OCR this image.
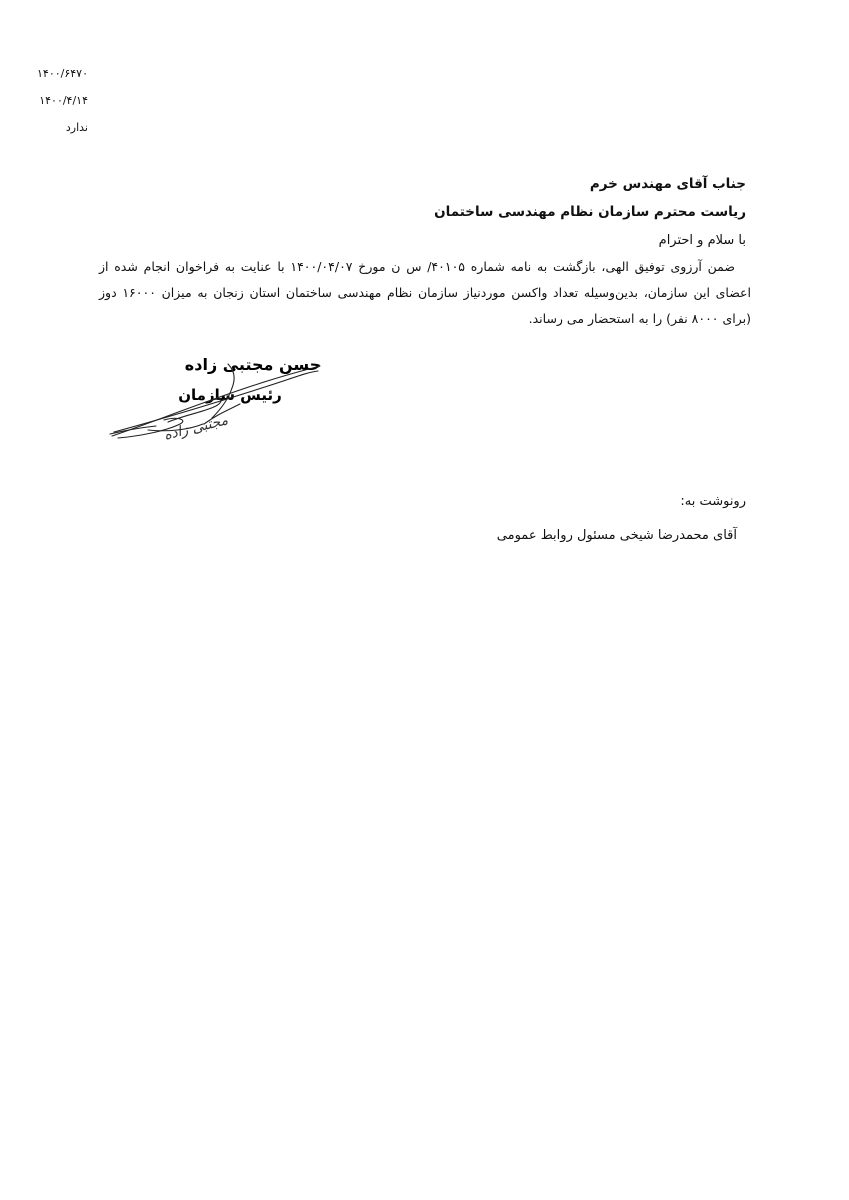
۱۴۰۰/۶۴۷۰
۱۴۰۰/۴/۱۴
ندارد
جناب آقای مهندس خرم
ریاست محترم سازمان نظام مهندسی ساختمان
با سلام و احترام
ضمن آرزوی توفیق الهی، بازگشت به نامه شماره ۴۰۱۰۵/ س ن مورخ ۱۴۰۰/۰۴/۰۷ با عنایت به فراخوان انجام شده از اعضای این سازمان، بدین‌وسیله تعداد واکسن موردنیاز سازمان نظام مهندسی ساختمان استان زنجان به میزان ۱۶۰۰۰ دوز (برای ۸۰۰۰ نفر) را به استحضار می رساند.
حسن مجتبی زاده
رئیس سازمان
مجتبی زاده
رونوشت به:
آقای محمدرضا شیخی مسئول روابط عمومی
